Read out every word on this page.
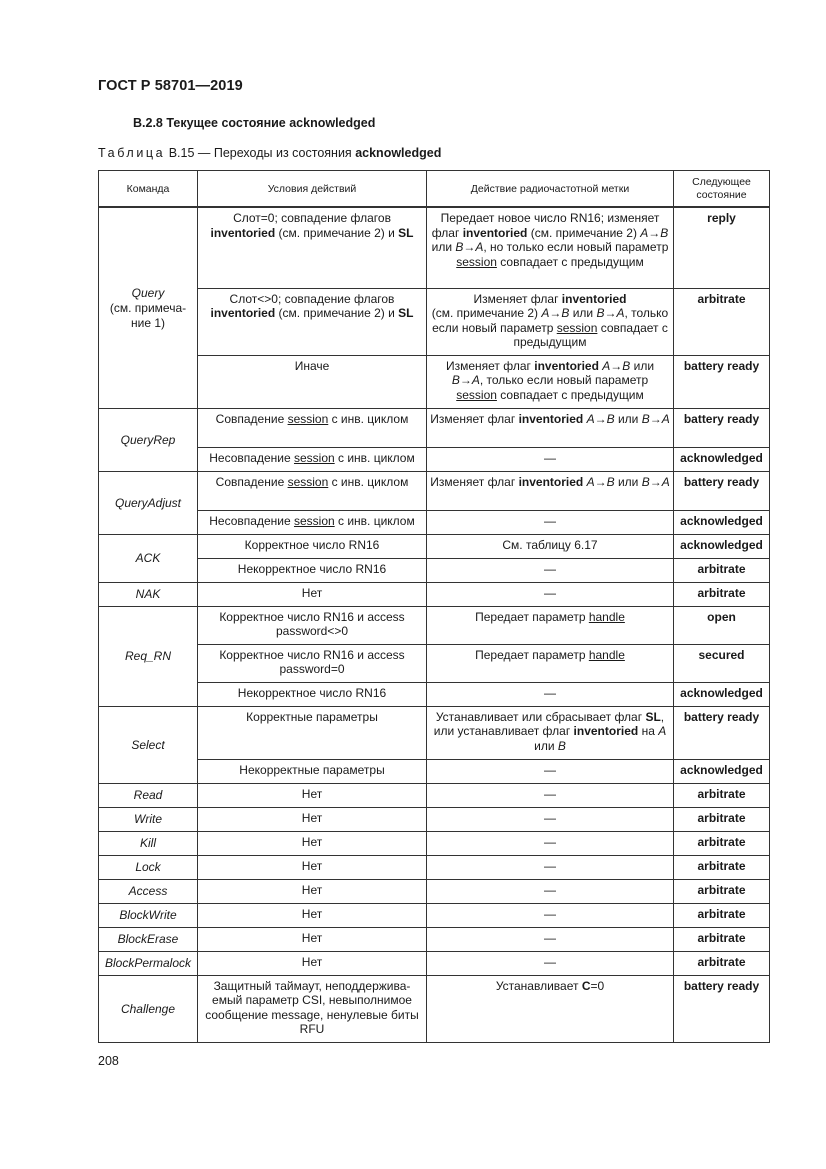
ГОСТ Р 58701—2019
В.2.8 Текущее состояние acknowledged
Таблица В.15 — Переходы из состояния acknowledged
Команда	Условия действий	Действие радиочастотной метки	Следующее
состояние
Query
(см. примеча-
ние 1)	Слот=0; совпадение флагов
inventoried (см. примечание 2) и SL	Передает новое число RN16; изменяет флаг inventoried (см. примечание 2) A→B или B→A, но только если новый параметр session совпадает с предыдущим	reply
	Слот<>0; совпадение флагов
inventoried (см. примечание 2) и SL	Изменяет флаг inventoried
(см. примечание 2) A→B или B→A, только если новый параметр session совпадает с предыдущим	arbitrate
	Иначе	Изменяет флаг inventoried A→B или B→A, только если новый параметр session совпадает с предыдущим	battery ready
QueryRep	Совпадение session с инв. циклом	Изменяет флаг inventoried A→B или B→A	battery ready
	Несовпадение session с инв. циклом	—	acknowledged
QueryAdjust	Совпадение session с инв. циклом	Изменяет флаг inventoried A→B или B→A	battery ready
	Несовпадение session с инв. циклом	—	acknowledged
ACK	Корректное число RN16	См. таблицу 6.17	acknowledged
	Некорректное число RN16	—	arbitrate
NAK	Нет	—	arbitrate
Req_RN	Корректное число RN16 и access password<>0	Передает параметр handle	open
	Корректное число RN16 и access password=0	Передает параметр handle	secured
	Некорректное число RN16	—	acknowledged
Select	Корректные параметры	Устанавливает или сбрасывает флаг SL, или устанавливает флаг inventoried на A или B	battery ready
	Некорректные параметры	—	acknowledged
Read	Нет	—	arbitrate
Write	Нет	—	arbitrate
Kill	Нет	—	arbitrate
Lock	Нет	—	arbitrate
Access	Нет	—	arbitrate
BlockWrite	Нет	—	arbitrate
BlockErase	Нет	—	arbitrate
BlockPermalock	Нет	—	arbitrate
Challenge	Защитный таймаут, неподдержива-емый параметр CSI, невыполнимое сообщение message, ненулевые биты RFU	Устанавливает C=0	battery ready
208
